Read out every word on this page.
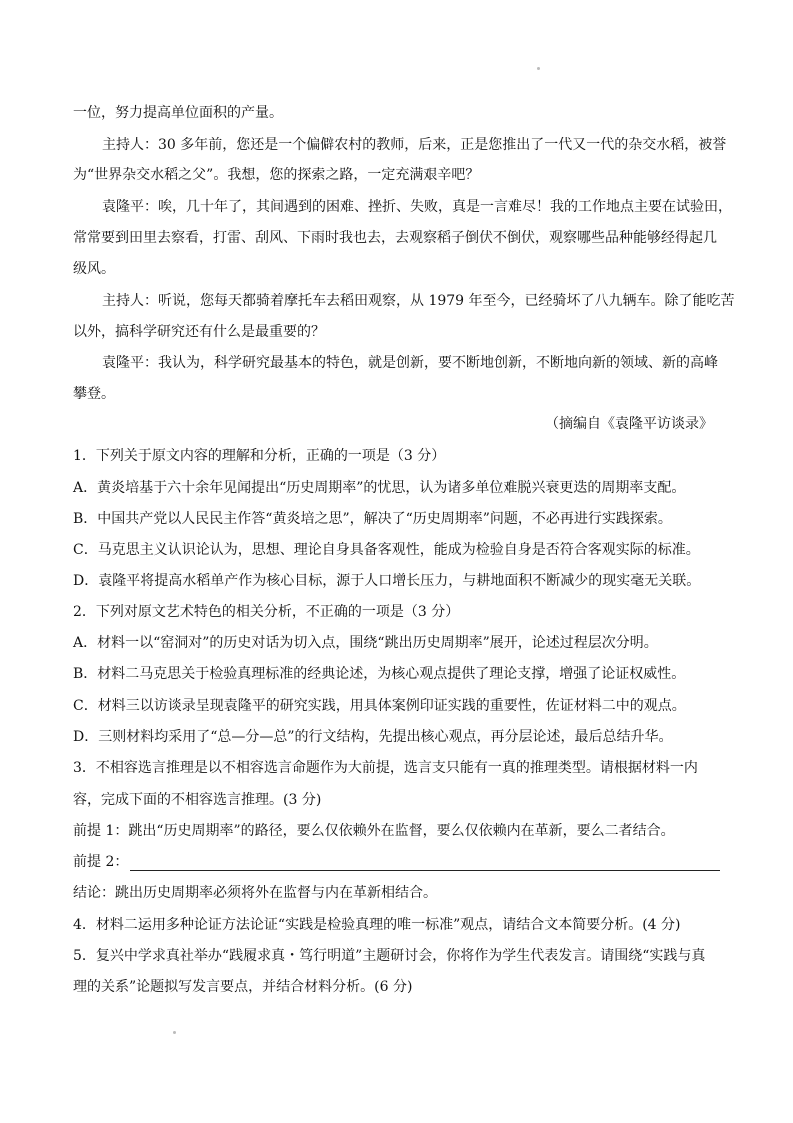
一位，努力提高单位面积的产量。
主持人：30 多年前，您还是一个偏僻农村的教师，后来，正是您推出了一代又一代的杂交水稻，被誉
为“世界杂交水稻之父”。我想，您的探索之路，一定充满艰辛吧？
袁隆平：唉，几十年了，其间遇到的困难、挫折、失败，真是一言难尽！我的工作地点主要在试验田，
常常要到田里去察看，打雷、刮风、下雨时我也去，去观察稻子倒伏不倒伏，观察哪些品种能够经得起几
级风。
主持人：听说，您每天都骑着摩托车去稻田观察，从 1979 年至今，已经骑坏了八九辆车。除了能吃苦
以外，搞科学研究还有什么是最重要的？
袁隆平：我认为，科学研究最基本的特色，就是创新，要不断地创新，不断地向新的领域、新的高峰
攀登。
（摘编自《袁隆平访谈录》
1．下列关于原文内容的理解和分析，正确的一项是（3 分）
A．黄炎培基于六十余年见闻提出“历史周期率”的忧思，认为诸多单位难脱兴衰更迭的周期率支配。
B．中国共产党以人民民主作答“黄炎培之思”，解决了“历史周期率”问题，不必再进行实践探索。
C．马克思主义认识论认为，思想、理论自身具备客观性，能成为检验自身是否符合客观实际的标准。
D．袁隆平将提高水稻单产作为核心目标，源于人口增长压力，与耕地面积不断减少的现实毫无关联。
2．下列对原文艺术特色的相关分析，不正确的一项是（3 分）
A．材料一以“窑洞对”的历史对话为切入点，围绕“跳出历史周期率”展开，论述过程层次分明。
B．材料二马克思关于检验真理标准的经典论述，为核心观点提供了理论支撑，增强了论证权威性。
C．材料三以访谈录呈现袁隆平的研究实践，用具体案例印证实践的重要性，佐证材料二中的观点。
D．三则材料均采用了“总—分—总”的行文结构，先提出核心观点，再分层论述，最后总结升华。
3．不相容选言推理是以不相容选言命题作为大前提，选言支只能有一真的推理类型。请根据材料一内
容，完成下面的不相容选言推理。(3 分)
前提 1：跳出“历史周期率”的路径，要么仅依赖外在监督，要么仅依赖内在革新，要么二者结合。
前提 2：
结论：跳出历史周期率必须将外在监督与内在革新相结合。
4．材料二运用多种论证方法论证“实践是检验真理的唯一标准”观点，请结合文本简要分析。(4 分)
5．复兴中学求真社举办“践履求真・笃行明道”主题研讨会，你将作为学生代表发言。请围绕“实践与真
理的关系”论题拟写发言要点，并结合材料分析。(6 分)
